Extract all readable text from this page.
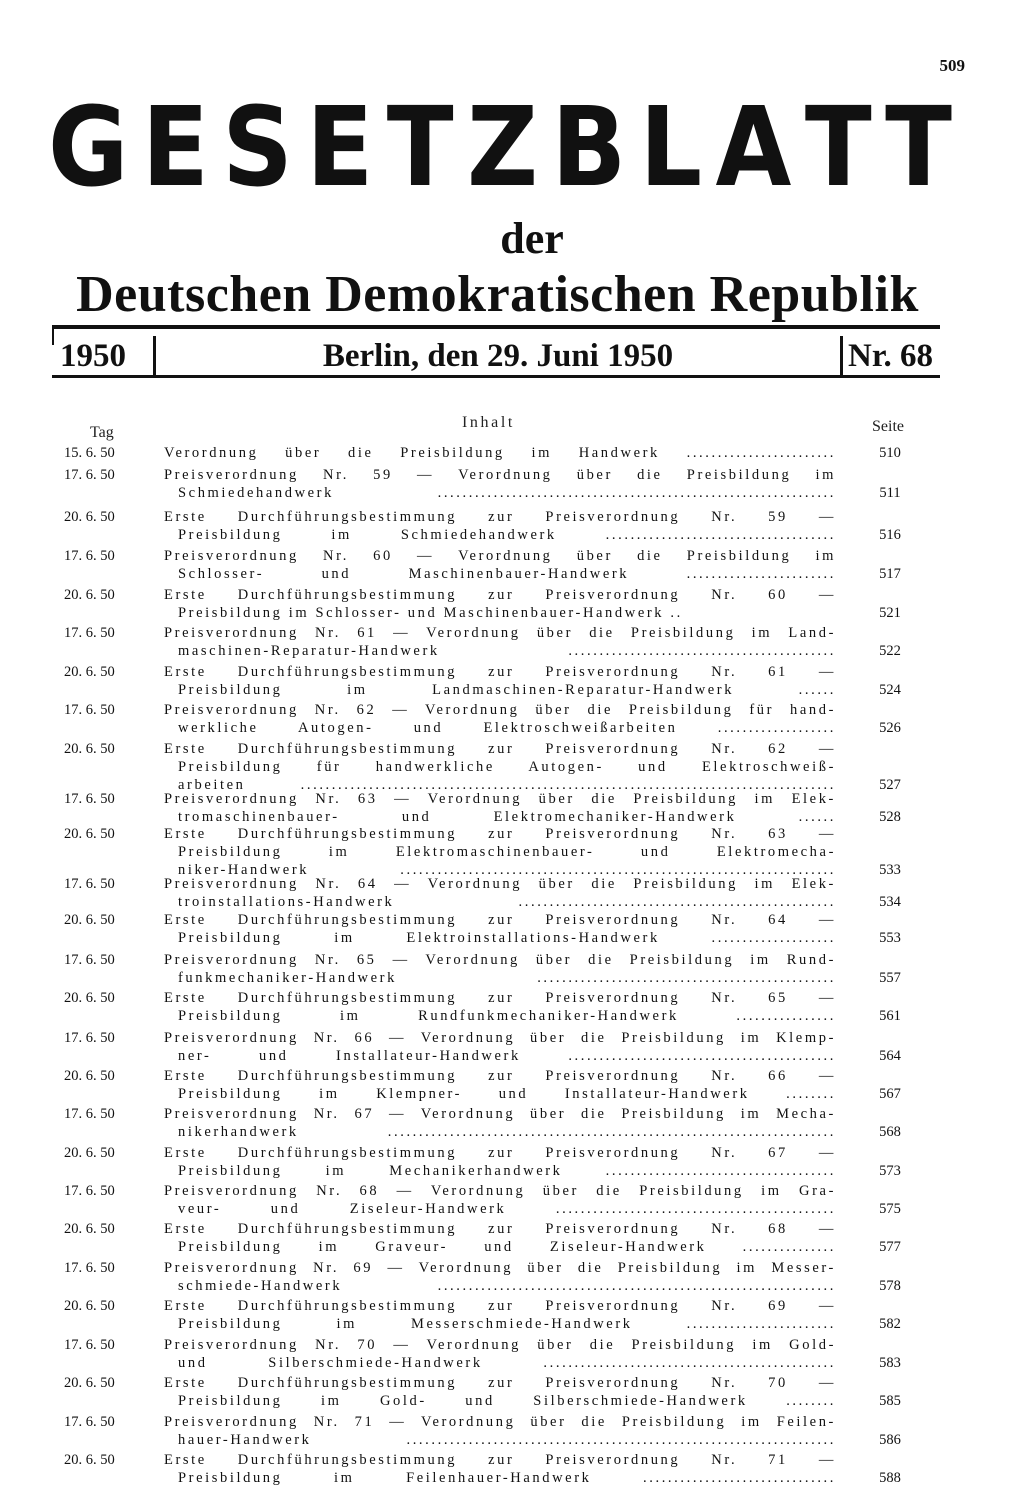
509
G E S E T Z B L A T T
der
Deutschen Demokratischen Republik
1950	Berlin, den 29. Juni 1950	Nr. 68
Tag
Inhalt	Seite
15. 6. 50	Verordnung über die Preisbildung im Handwerk ........................	510
17. 6. 50	Preisverordnung Nr. 59 — Verordnung über die Preisbildung im
Schmiedehandwerk ................................................................	511
20. 6. 50	Erste Durchführungsbestimmung zur Preisverordnung Nr. 59 —
Preisbildung im Schmiedehandwerk .....................................	516
17. 6. 50	Preisverordnung Nr. 60 — Verordnung über die Preisbildung im
Schlosser- und Maschinenbauer-Handwerk ........................	517
20. 6. 50	Erste Durchführungsbestimmung zur Preisverordnung Nr. 60 —
Preisbildung im Schlosser- und Maschinenbauer-Handwerk ..	521
17. 6. 50	Preisverordnung Nr. 61 — Verordnung über die Preisbildung im Land-
maschinen-Reparatur-Handwerk ...........................................	522
20. 6. 50	Erste Durchführungsbestimmung zur Preisverordnung Nr. 61 —
Preisbildung im Landmaschinen-Reparatur-Handwerk ......	524
17. 6. 50	Preisverordnung Nr. 62 — Verordnung über die Preisbildung für hand-
werkliche Autogen- und Elektroschweißarbeiten ...................	526
20. 6. 50	Erste Durchführungsbestimmung zur Preisverordnung Nr. 62 —
Preisbildung für handwerkliche Autogen- und Elektroschweiß-
arbeiten ......................................................................................	527
17. 6. 50	Preisverordnung Nr. 63 — Verordnung über die Preisbildung im Elek-
tromaschinenbauer- und Elektromechaniker-Handwerk ......	528
20. 6. 50	Erste Durchführungsbestimmung zur Preisverordnung Nr. 63 —
Preisbildung im Elektromaschinenbauer- und Elektromecha-
niker-Handwerk ......................................................................	533
17. 6. 50	Preisverordnung Nr. 64 — Verordnung über die Preisbildung im Elek-
troinstallations-Handwerk ...................................................	534
20. 6. 50	Erste Durchführungsbestimmung zur Preisverordnung Nr. 64 —
Preisbildung im Elektroinstallations-Handwerk ....................	553
17. 6. 50	Preisverordnung Nr. 65 — Verordnung über die Preisbildung im Rund-
funkmechaniker-Handwerk ................................................	557
20. 6. 50	Erste Durchführungsbestimmung zur Preisverordnung Nr. 65 —
Preisbildung im Rundfunkmechaniker-Handwerk ................	561
17. 6. 50	Preisverordnung Nr. 66 — Verordnung über die Preisbildung im Klemp-
ner- und Installateur-Handwerk ...........................................	564
20. 6. 50	Erste Durchführungsbestimmung zur Preisverordnung Nr. 66 —
Preisbildung im Klempner- und Installateur-Handwerk ........	567
17. 6. 50	Preisverordnung Nr. 67 — Verordnung über die Preisbildung im Mecha-
nikerhandwerk ........................................................................	568
20. 6. 50	Erste Durchführungsbestimmung zur Preisverordnung Nr. 67 —
Preisbildung im Mechanikerhandwerk .....................................	573
17. 6. 50	Preisverordnung Nr. 68 — Verordnung über die Preisbildung im Gra-
veur- und Ziseleur-Handwerk .............................................	575
20. 6. 50	Erste Durchführungsbestimmung zur Preisverordnung Nr. 68 —
Preisbildung im Graveur- und Ziseleur-Handwerk ...............	577
17. 6. 50	Preisverordnung Nr. 69 — Verordnung über die Preisbildung im Messer-
schmiede-Handwerk ................................................................	578
20. 6. 50	Erste Durchführungsbestimmung zur Preisverordnung Nr. 69 —
Preisbildung im Messerschmiede-Handwerk ........................	582
17. 6. 50	Preisverordnung Nr. 70 — Verordnung über die Preisbildung im Gold-
und Silberschmiede-Handwerk ...............................................	583
20. 6. 50	Erste Durchführungsbestimmung zur Preisverordnung Nr. 70 —
Preisbildung im Gold- und Silberschmiede-Handwerk ........	585
17. 6. 50	Preisverordnung Nr. 71 — Verordnung über die Preisbildung im Feilen-
hauer-Handwerk .....................................................................	586
20. 6. 50	Erste Durchführungsbestimmung zur Preisverordnung Nr. 71 —
Preisbildung im Feilenhauer-Handwerk ...............................	588
